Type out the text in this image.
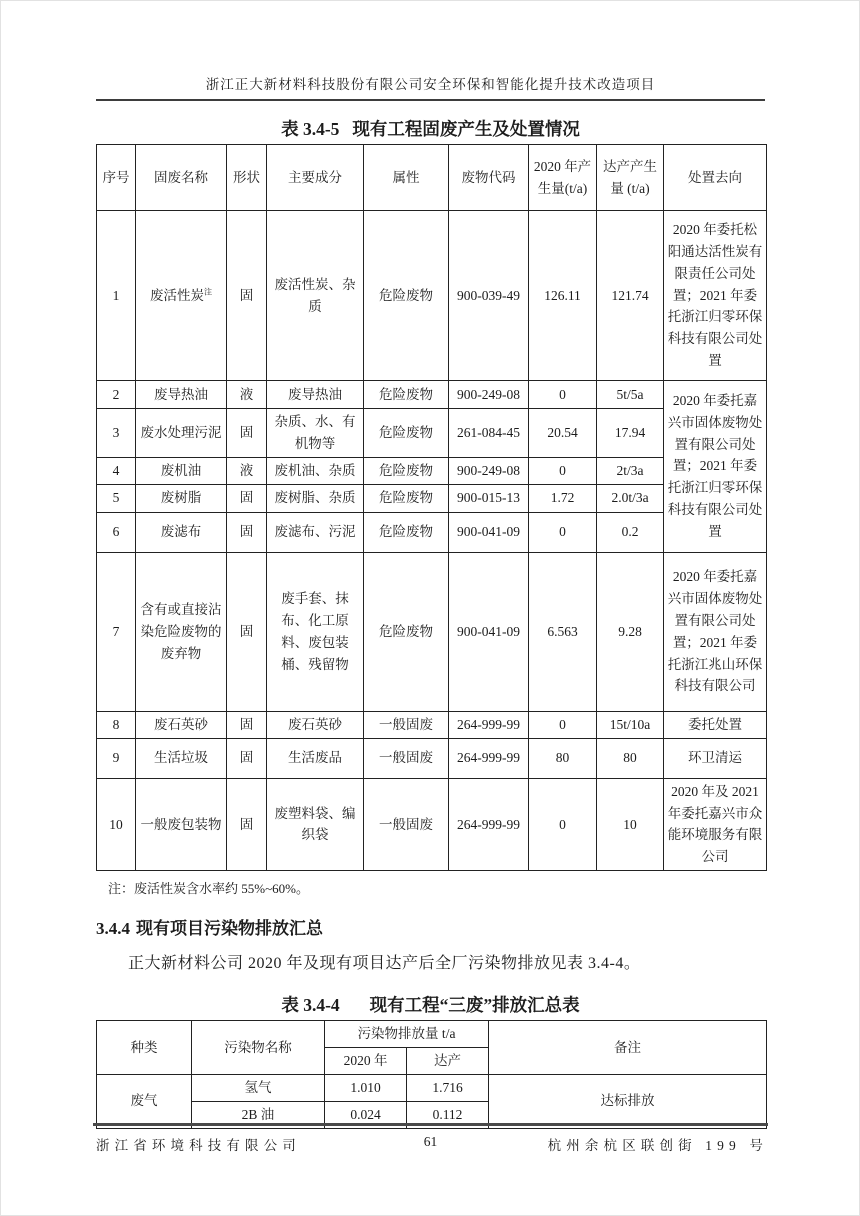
浙江正大新材料科技股份有限公司安全环保和智能化提升技术改造项目
表 3.4-5 现有工程固废产生及处置情况
序号	固废名称	形状	主要成分	属性	废物代码	2020 年产生量(t/a)	达产产生量 (t/a)	处置去向
1	废活性炭$^注$	固	废活性炭、杂质	危险废物	900-039-49	126.11	121.74	2020 年委托松阳通达活性炭有限责任公司处置；2021 年委托浙江归零环保科技有限公司处置
2	废导热油	液	废导热油	危险废物	900-249-08	0	5t/5a	2020 年委托嘉兴市固体废物处置有限公司处置；2021 年委托浙江归零环保科技有限公司处置
3	废水处理污泥	固	杂质、水、有机物等	危险废物	261-084-45	20.54	17.94	
4	废机油	液	废机油、杂质	危险废物	900-249-08	0	2t/3a	
5	废树脂	固	废树脂、杂质	危险废物	900-015-13	1.72	2.0t/3a	
6	废滤布	固	废滤布、污泥	危险废物	900-041-09	0	0.2	
7	含有或直接沾染危险废物的废弃物	固	废手套、抹布、化工原料、废包装桶、残留物	危险废物	900-041-09	6.563	9.28	2020 年委托嘉兴市固体废物处置有限公司处置；2021 年委托浙江兆山环保科技有限公司
8	废石英砂	固	废石英砂	一般固废	264-999-99	0	15t/10a	委托处置
9	生活垃圾	固	生活废品	一般固废	264-999-99	80	80	环卫清运
10	一般废包装物	固	废塑料袋、编织袋	一般固废	264-999-99	0	10	2020 年及 2021 年委托嘉兴市众能环境服务有限公司
注：废活性炭含水率约 55%~60%。
3.4.4 现有项目污染物排放汇总

正大新材料公司 2020 年及现有项目达产后全厂污染物排放见表 3.4-4。

表 3.4-4 现有工程“三废”排放汇总表
种类	污染物名称	污染物排放量 t/a		备注
		2020 年	达产	
废气	氢气	1.010	1.716	达标排放
	2B 油	0.024	0.112	
浙江省环境科技有限公司	61	杭州余杭区联创街 199 号
